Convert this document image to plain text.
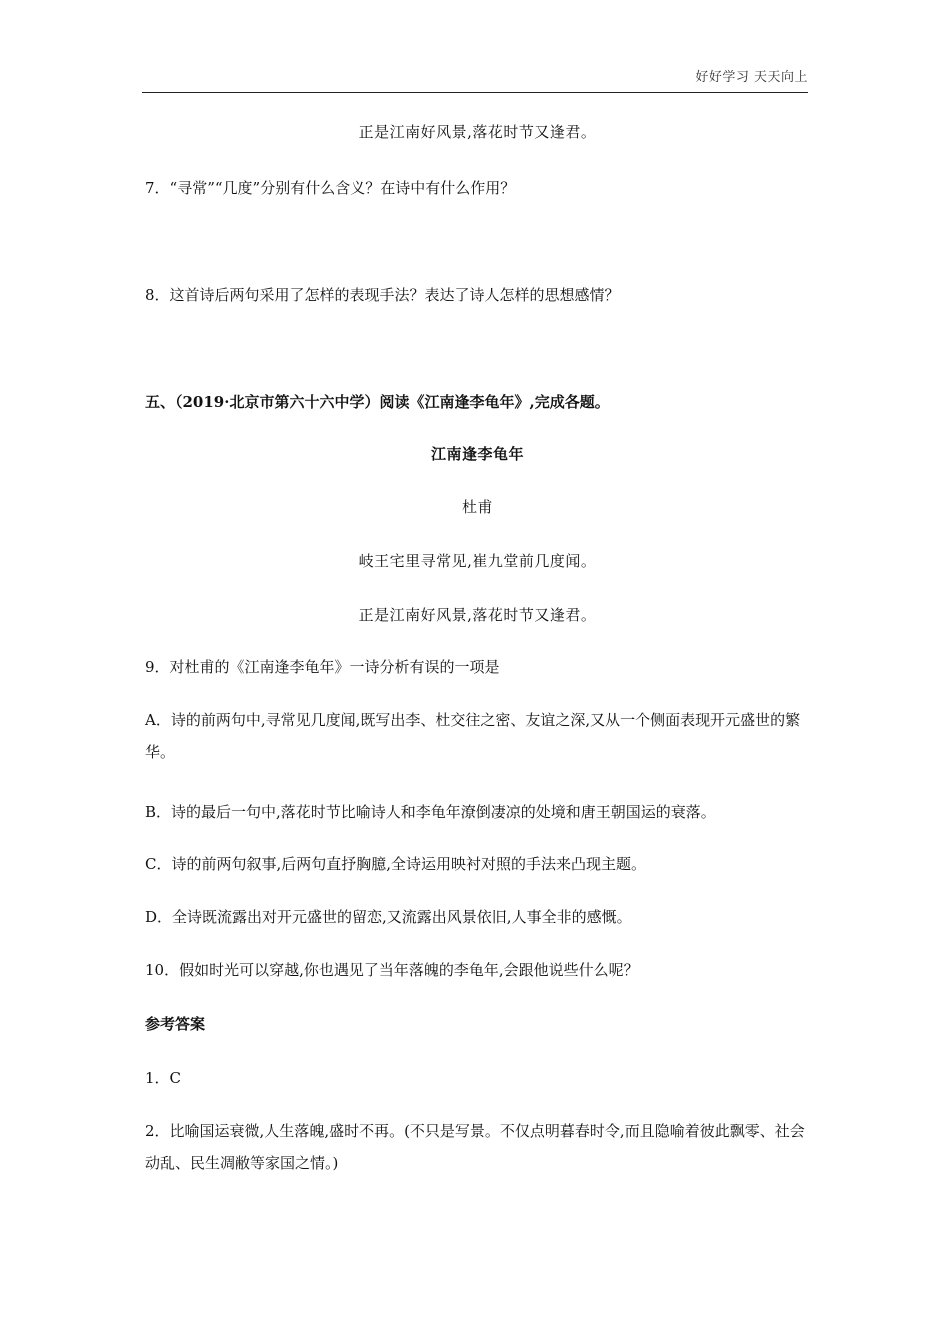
好好学习 天天向上
正是江南好风景,落花时节又逢君。
7．“寻常”“几度”分别有什么含义？在诗中有什么作用？
8．这首诗后两句采用了怎样的表现手法？表达了诗人怎样的思想感情？
五、（2019·北京市第六十六中学）阅读《江南逢李龟年》,完成各题。
江南逢李龟年
杜甫
岐王宅里寻常见,崔九堂前几度闻。
正是江南好风景,落花时节又逢君。
9．对杜甫的《江南逢李龟年》一诗分析有误的一项是
A．诗的前两句中,寻常见几度闻,既写出李、杜交往之密、友谊之深,又从一个侧面表现开元盛世的繁华。
B．诗的最后一句中,落花时节比喻诗人和李龟年潦倒凄凉的处境和唐王朝国运的衰落。
C．诗的前两句叙事,后两句直抒胸臆,全诗运用映衬对照的手法来凸现主题。
D．全诗既流露出对开元盛世的留恋,又流露出风景依旧,人事全非的感慨。
10．假如时光可以穿越,你也遇见了当年落魄的李龟年,会跟他说些什么呢？
参考答案
1．C
2．比喻国运衰微,人生落魄,盛时不再。(不只是写景。不仅点明暮春时令,而且隐喻着彼此飘零、社会动乱、民生凋敝等家国之情。)
